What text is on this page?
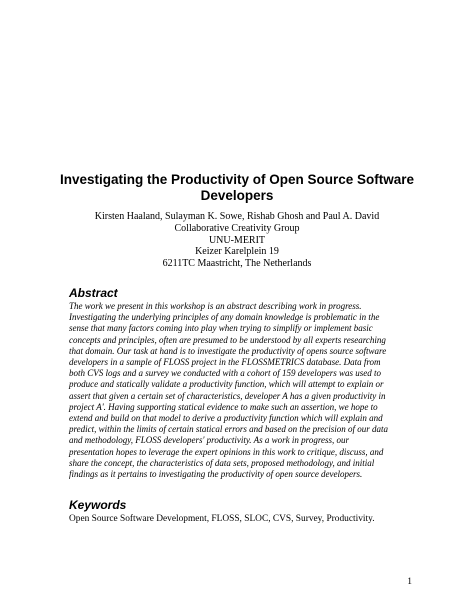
Investigating the Productivity of Open Source Software
Developers
Kirsten Haaland, Sulayman K. Sowe, Rishab Ghosh and Paul A. David
Collaborative Creativity Group
UNU-MERIT
Keizer Karelplein 19
6211TC Maastricht, The Netherlands
Abstract
The work we present in this workshop is an abstract describing work in progress.
Investigating the underlying principles of any domain knowledge is problematic in the
sense that many factors coming into play when trying to simplify or implement basic
concepts and principles, often are presumed to be understood by all experts researching
that domain. Our task at hand is to investigate the productivity of opens source software
developers in a sample of FLOSS project in the FLOSSMETRICS database. Data from
both CVS logs and a survey we conducted with a cohort of 159 developers was used to
produce and statically validate a productivity function, which will attempt to explain or
assert that given a certain set of characteristics, developer A has a given productivity in
project A'. Having supporting statical evidence to make such an assertion, we hope to
extend and build on that model to derive a productivity function which will explain and
predict, within the limits of certain statical errors and based on the precision of our data
and methodology, FLOSS developers' productivity. As a work in progress, our
presentation hopes to leverage the expert opinions in this work to critique, discuss, and
share the concept, the characteristics of data sets, proposed methodology, and initial
findings as it pertains to investigating the productivity of open source developers.
Keywords
Open Source Software Development, FLOSS, SLOC, CVS, Survey, Productivity.
1
